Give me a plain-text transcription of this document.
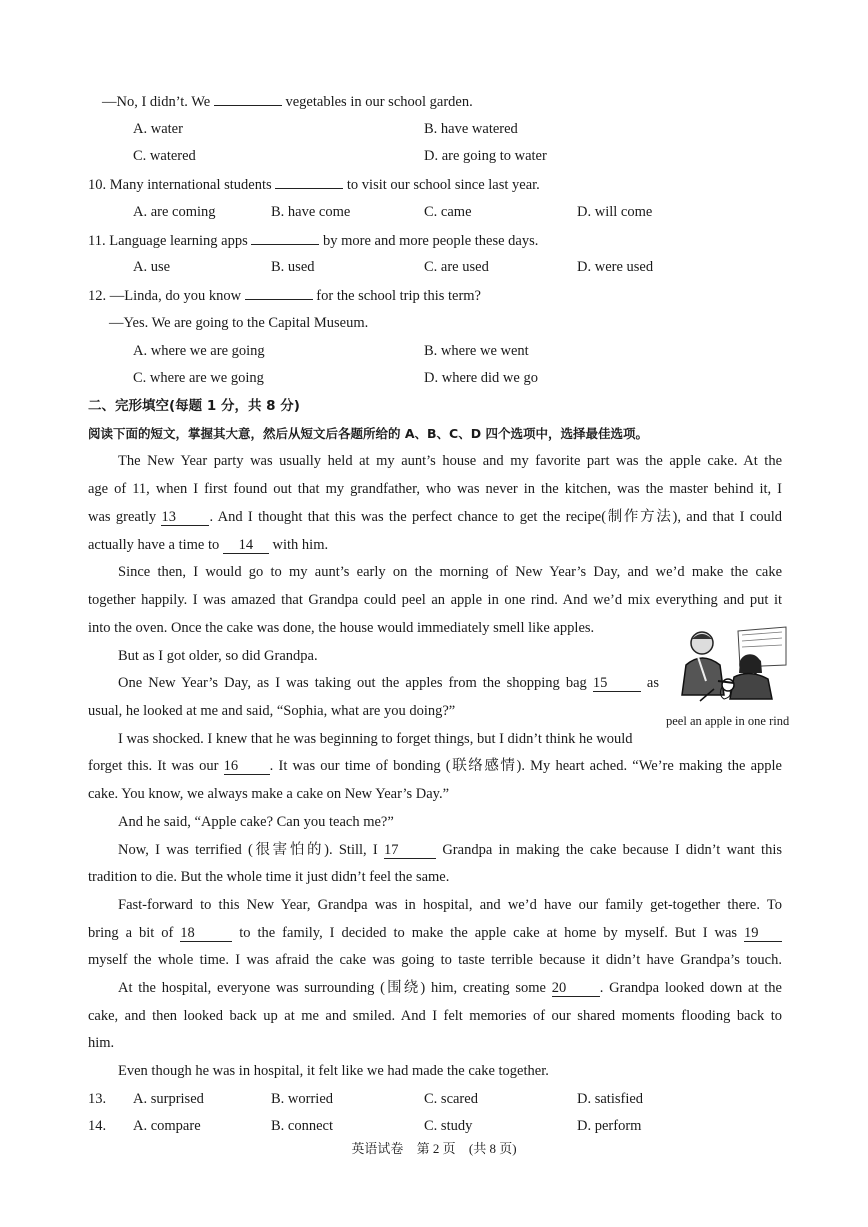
—No, I didn’t. We	vegetables in our school garden.
A. water	B. have watered
C. watered	D. are going to water
10. Many international students	to visit our school since last year.
A. are coming	B. have come	C. came	D. will come
11. Language learning apps	by more and more people these days.
A. use	B. used	C. are used	D. were used
12. —Linda, do you know	for the school trip this term?
—Yes. We are going to the Capital Museum.
A. where we are going	B. where we went
C. where are we going	D. where did we go
二、完形填空(每题 1 分，共 8 分)
阅读下面的短文，掌握其大意，然后从短文后各题所给的 A、B、C、D 四个选项中，选择最佳选项。
The New Year party was usually held at my aunt’s house and my favorite part was the apple cake. At the
age of 11, when I first found out that my grandfather, who was never in the kitchen, was the master behind it, I
was greatly 13 . And I thought that this was the perfect chance to get the recipe(制作方法), and that I could
actually have a time to 14 with him.
Since then, I would go to my aunt’s early on the morning of New Year’s Day, and we’d make the cake
together happily. I was amazed that Grandpa could peel an apple in one rind. And we’d mix everything and put it
into the oven. Once the cake was done, the house would immediately smell like apples.
But as I got older, so did Grandpa.
One New Year’s Day, as I was taking out the apples from the shopping bag 15	as
usual, he looked at me and said, “Sophia, what are you doing?”
I was shocked. I knew that he was beginning to forget things, but I didn’t think he would
forget this. It was our 16 . It was our time of bonding (联络感情). My heart ached. “We’re making the apple
cake. You know, we always make a cake on New Year’s Day.”
And he said, “Apple cake? Can you teach me?”
Now, I was terrified (很害怕的). Still, I 17	Grandpa in making the cake because I didn’t want this
tradition to die. But the whole time it just didn’t feel the same.
Fast-forward to this New Year, Grandpa was in hospital, and we’d have our family get-together there. To
bring a bit of 18	to the family, I decided to make the apple cake at home by myself. But I was 19
myself the whole time. I was afraid the cake was going to taste terrible because it didn’t have Grandpa’s touch.
At the hospital, everyone was surrounding (围绕) him, creating some 20 . Grandpa looked down at the
cake, and then looked back up at me and smiled. And I felt memories of our shared moments flooding back to
him.
Even though he was in hospital, it felt like we had made the cake together.
peel an apple in one rind
13. A. surprised	B. worried	C. scared	D. satisfied
14. A. compare	B. connect	C. study	D. perform
英语试卷 第 2 页 (共 8 页)
